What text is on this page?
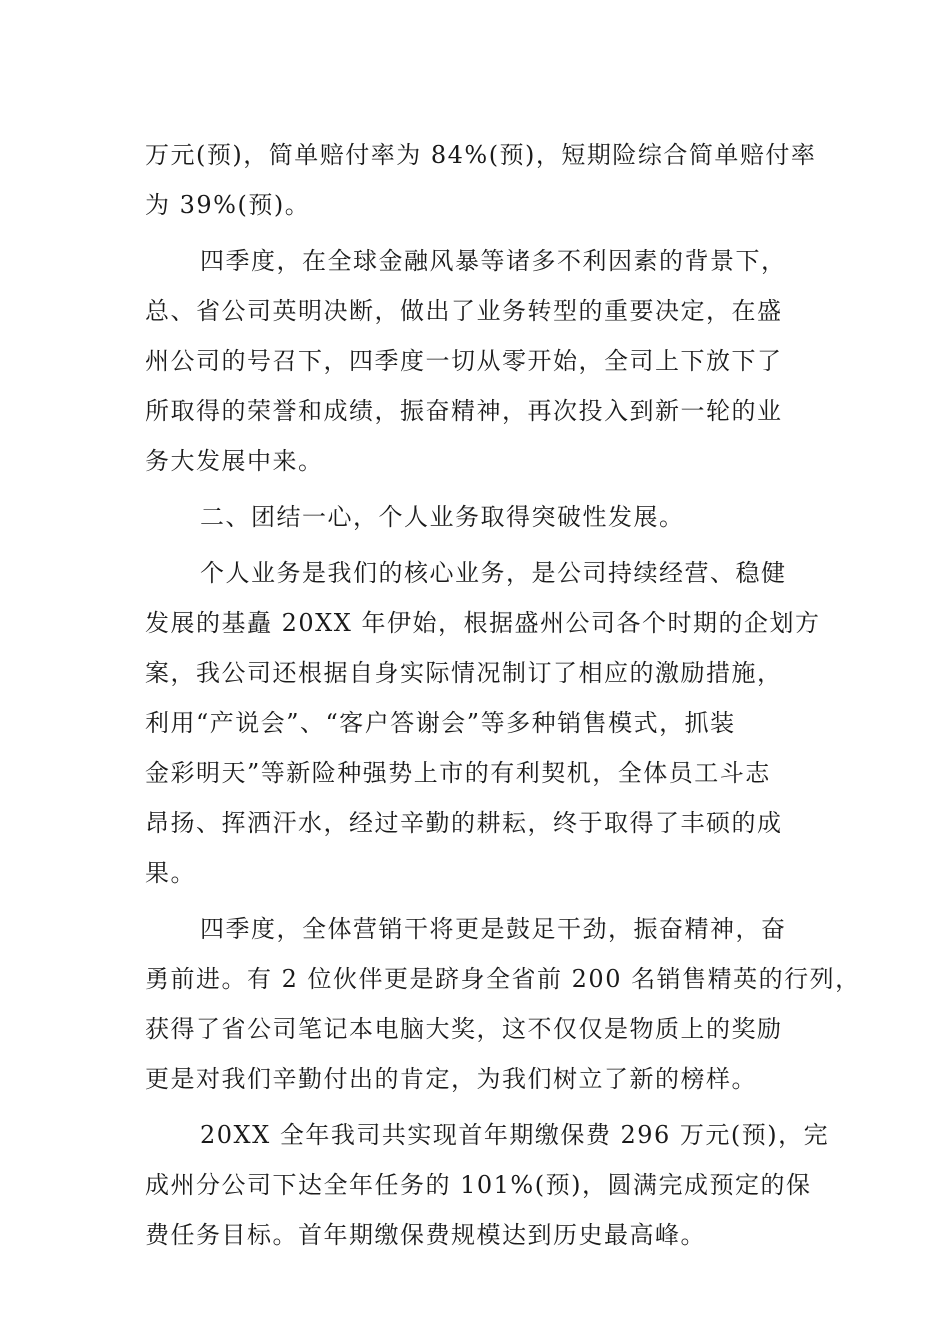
万元(预)，简单赔付率为 84%(预)，短期险综合简单赔付率
为 39%(预)。
四季度，在全球金融风暴等诸多不利因素的背景下，
总、省公司英明决断，做出了业务转型的重要决定，在盛
州公司的号召下，四季度一切从零开始，全司上下放下了
所取得的荣誉和成绩，振奋精神，再次投入到新一轮的业
务大发展中来。
二、团结一心，个人业务取得突破性发展。
个人业务是我们的核心业务，是公司持续经营、稳健
发展的基矗 20XX 年伊始，根据盛州公司各个时期的企划方
案，我公司还根据自身实际情况制订了相应的激励措施，
利用“产说会”、“客户答谢会”等多种销售模式，抓装
金彩明天”等新险种强势上市的有利契机，全体员工斗志
昂扬、挥洒汗水，经过辛勤的耕耘，终于取得了丰硕的成
果。
四季度，全体营销干将更是鼓足干劲，振奋精神，奋
勇前进。有 2 位伙伴更是跻身全省前 200 名销售精英的行列，
获得了省公司笔记本电脑大奖，这不仅仅是物质上的奖励
更是对我们辛勤付出的肯定，为我们树立了新的榜样。
20XX 全年我司共实现首年期缴保费 296 万元(预)，完
成州分公司下达全年任务的 101%(预)，圆满完成预定的保
费任务目标。首年期缴保费规模达到历史最高峰。
